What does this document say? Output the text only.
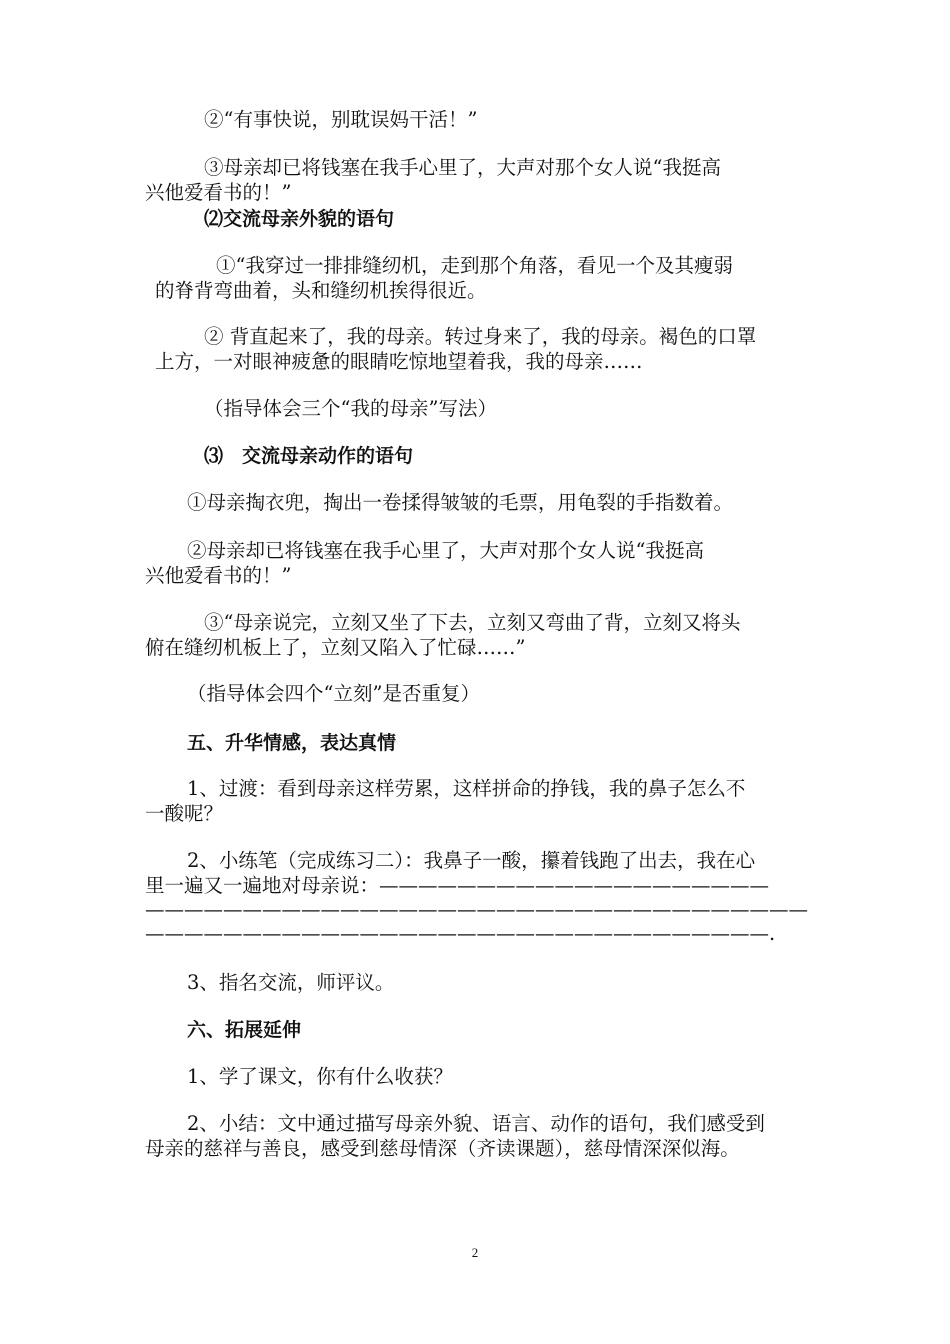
②“有事快说，别耽误妈干活！”
③母亲却已将钱塞在我手心里了，大声对那个女人说“我挺高
兴他爱看书的！”
⑵交流母亲外貌的语句
①“我穿过一排排缝纫机，走到那个角落，看见一个及其瘦弱
的脊背弯曲着，头和缝纫机挨得很近。
② 背直起来了，我的母亲。转过身来了，我的母亲。褐色的口罩
上方，一对眼神疲惫的眼睛吃惊地望着我，我的母亲……
（指导体会三个“我的母亲”写法）
⑶　交流母亲动作的语句
①母亲掏衣兜，掏出一卷揉得皱皱的毛票，用龟裂的手指数着。
②母亲却已将钱塞在我手心里了，大声对那个女人说“我挺高
兴他爱看书的！”
③“母亲说完，立刻又坐了下去，立刻又弯曲了背，立刻又将头
俯在缝纫机板上了，立刻又陷入了忙碌……”
（指导体会四个“立刻”是否重复）
五、升华情感，表达真情
1、过渡：看到母亲这样劳累，这样拼命的挣钱，我的鼻子怎么不
一酸呢？
2、小练笔（完成练习二）：我鼻子一酸，攥着钱跑了出去，我在心
里一遍又一遍地对母亲说：————————————————————
——————————————————————————————————
————————————————————————————————.
3、指名交流，师评议。
六、拓展延伸
1、学了课文，你有什么收获？
2、小结：文中通过描写母亲外貌、语言、动作的语句，我们感受到
母亲的慈祥与善良，感受到慈母情深（齐读课题），慈母情深深似海。
2
